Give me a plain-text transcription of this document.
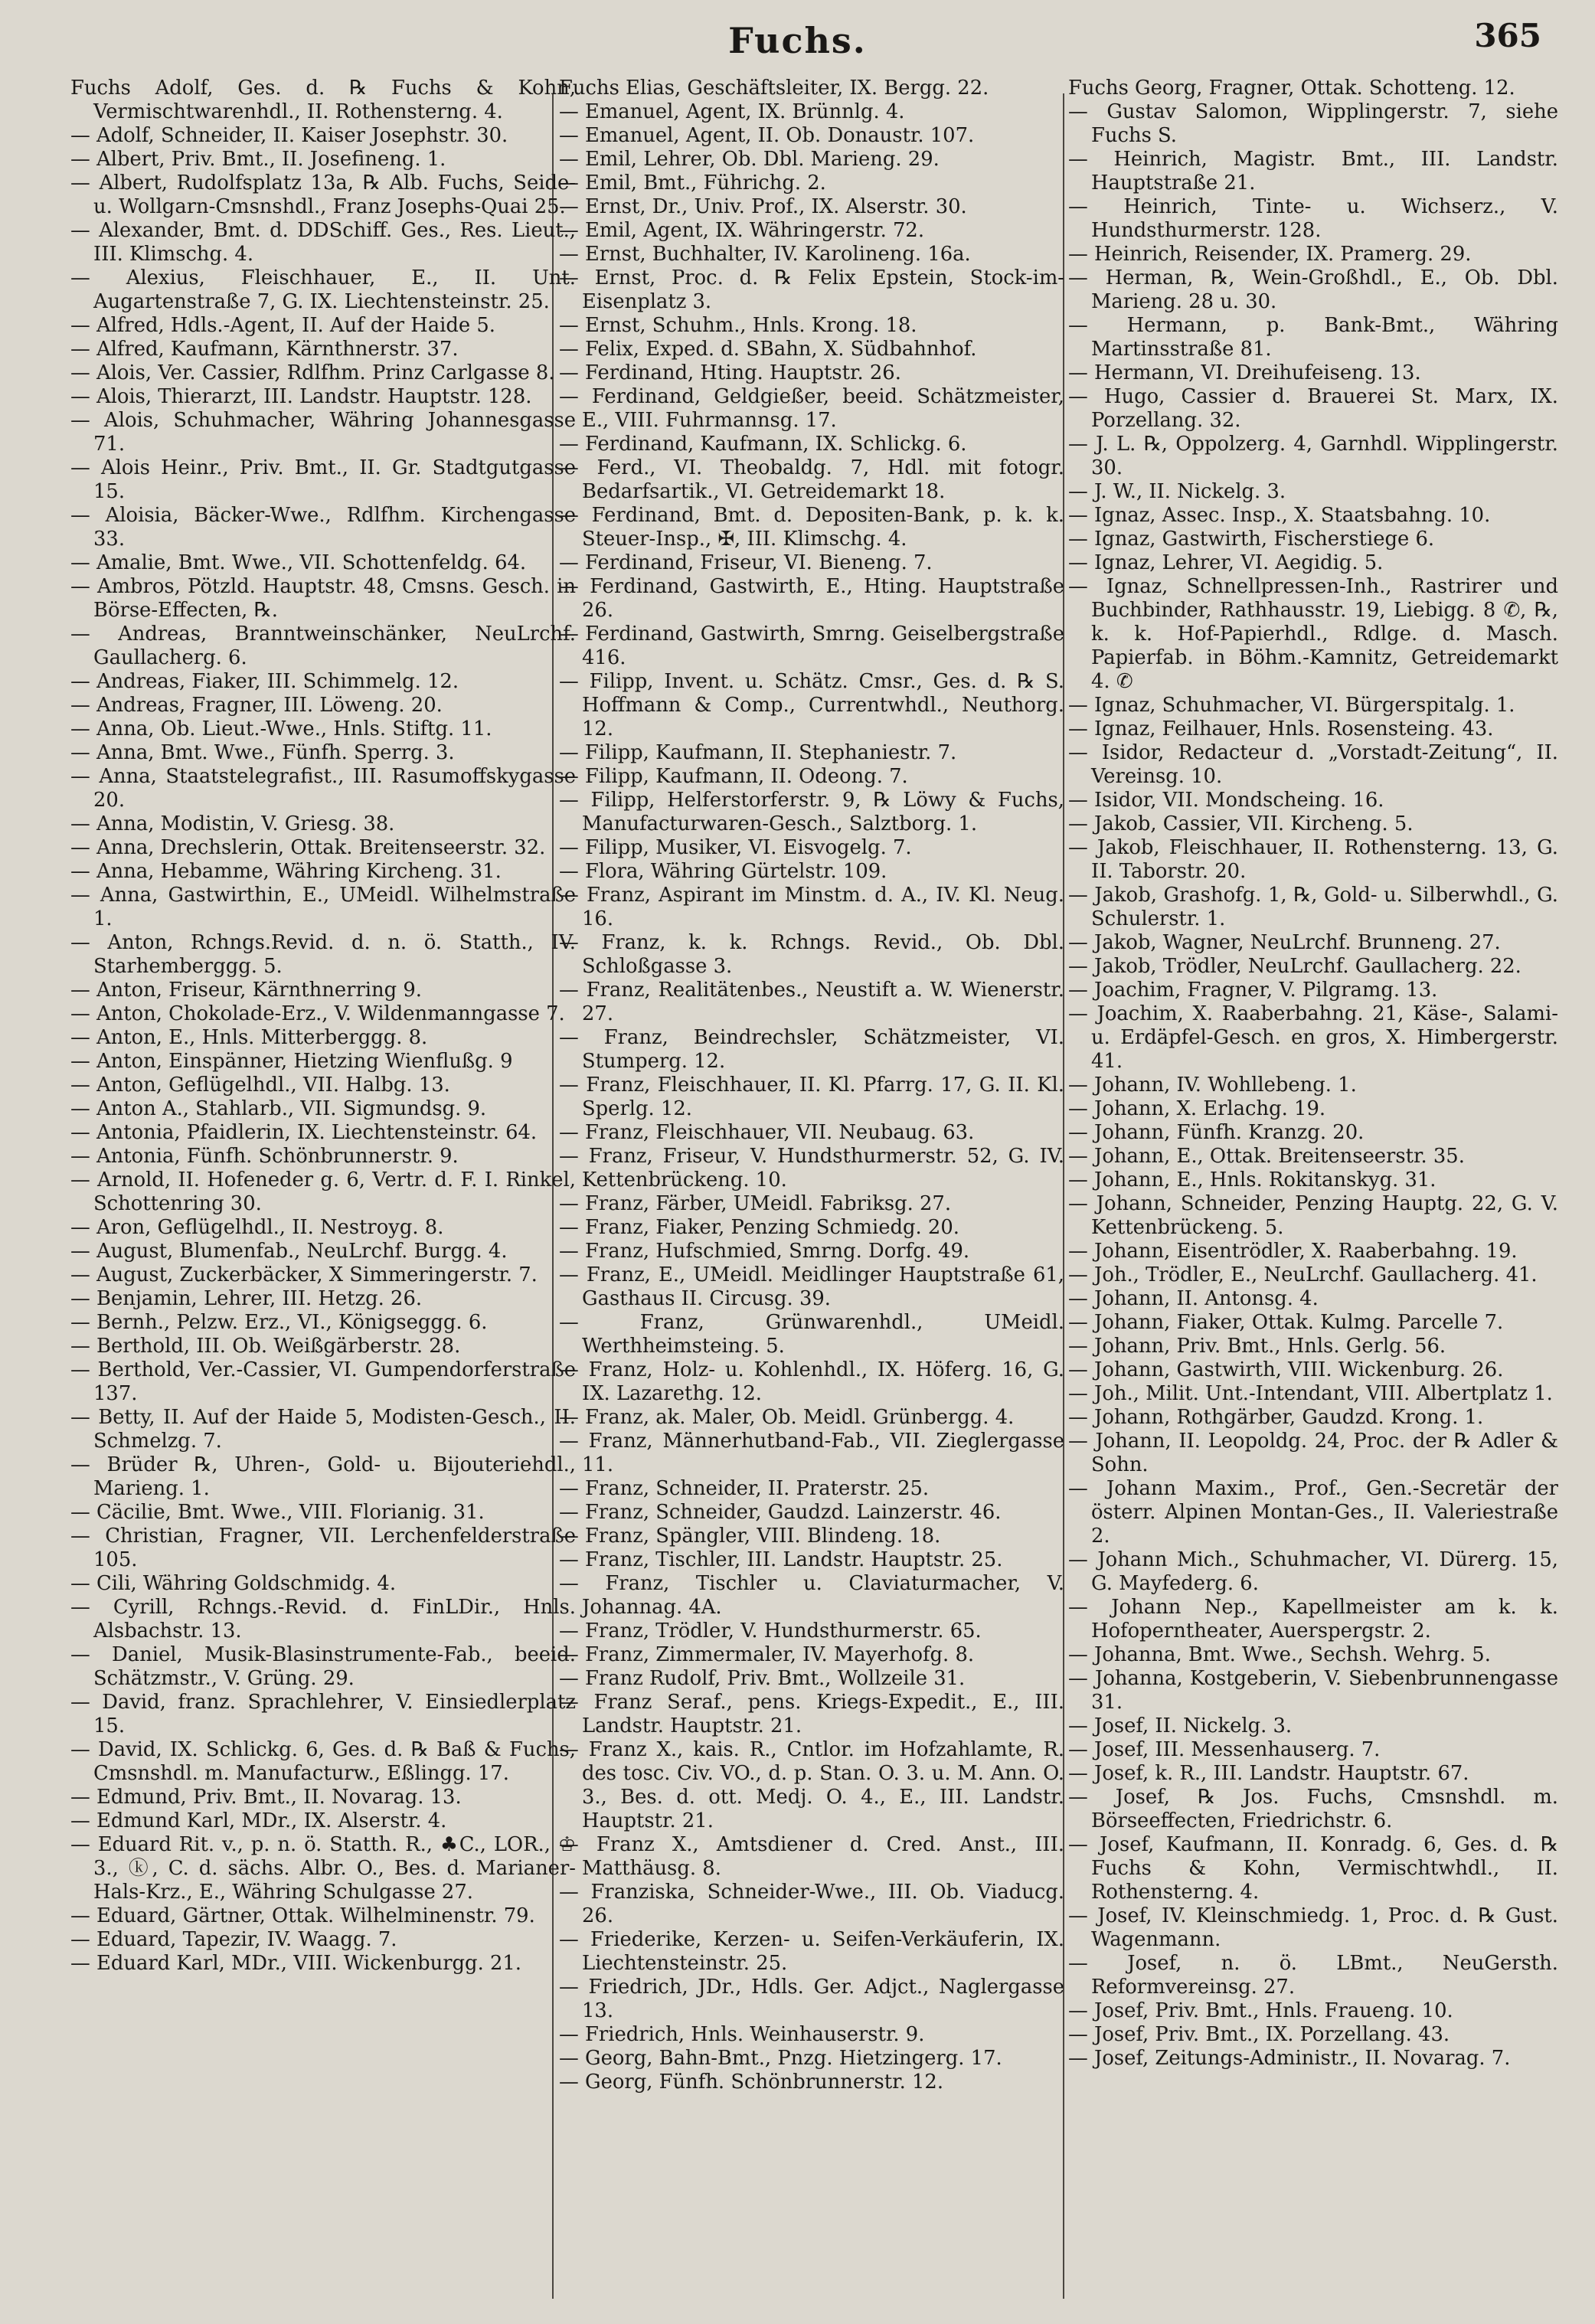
Fuchs.	365

Fuchs Adolf, Ges. d. ℞ Fuchs & Kohn, Vermischtwarenhdl., II. Rothensterng. 4.

— Adolf, Schneider, II. Kaiser Josephstr. 30.

— Albert, Priv. Bmt., II. Josefineng. 1.

— Albert, Rudolfsplatz 13a, ℞ Alb. Fuchs, Seide- u. Wollgarn-Cmsnshdl., Franz Josephs-Quai 25.

— Alexander, Bmt. d. DDSchiff. Ges., Res. Lieut., III. Klimschg. 4.

— Alexius, Fleischhauer, E., II. Unt. Augartenstraße 7, G. IX. Liechtensteinstr. 25.

— Alfred, Hdls.-Agent, II. Auf der Haide 5.

— Alfred, Kaufmann, Kärnthnerstr. 37.

— Alois, Ver. Cassier, Rdlfhm. Prinz Carlgasse 8.

— Alois, Thierarzt, III. Landstr. Hauptstr. 128.

— Alois, Schuhmacher, Währing Johannesgasse 71.

— Alois Heinr., Priv. Bmt., II. Gr. Stadtgutgasse 15.

— Aloisia, Bäcker-Wwe., Rdlfhm. Kirchengasse 33.

— Amalie, Bmt. Wwe., VII. Schottenfeldg. 64.

— Ambros, Pötzld. Hauptstr. 48, Cmsns. Gesch. in Börse-Effecten, ℞.

— Andreas, Branntweinschänker, NeuLrchf. Gaullacherg. 6.

— Andreas, Fiaker, III. Schimmelg. 12.

— Andreas, Fragner, III. Löweng. 20.

— Anna, Ob. Lieut.-Wwe., Hnls. Stiftg. 11.

— Anna, Bmt. Wwe., Fünfh. Sperrg. 3.

— Anna, Staatstelegrafist., III. Rasumoffskygasse 20.

— Anna, Modistin, V. Griesg. 38.

— Anna, Drechslerin, Ottak. Breitenseerstr. 32.

— Anna, Hebamme, Währing Kircheng. 31.

— Anna, Gastwirthin, E., UMeidl. Wilhelmstraße 1.

— Anton, Rchngs.Revid. d. n. ö. Statth., IV. Starhemberggg. 5.

— Anton, Friseur, Kärnthnerring 9.

— Anton, Chokolade-Erz., V. Wildenmanngasse 7.

— Anton, E., Hnls. Mitterberggg. 8.

— Anton, Einspänner, Hietzing Wienflußg. 9

— Anton, Geflügelhdl., VII. Halbg. 13.

— Anton A., Stahlarb., VII. Sigmundsg. 9.

— Antonia, Pfaidlerin, IX. Liechtensteinstr. 64.

— Antonia, Fünfh. Schönbrunnerstr. 9.

— Arnold, II. Hofeneder g. 6, Vertr. d. F. I. Rinkel, Schottenring 30.

— Aron, Geflügelhdl., II. Nestroyg. 8.

— August, Blumenfab., NeuLrchf. Burgg. 4.

— August, Zuckerbäcker, X Simmeringerstr. 7.

— Benjamin, Lehrer, III. Hetzg. 26.

— Bernh., Pelzw. Erz., VI., Königseggg. 6.

— Berthold, III. Ob. Weißgärberstr. 28.

— Berthold, Ver.-Cassier, VI. Gumpendorferstraße 137.

— Betty, II. Auf der Haide 5, Modisten-Gesch., II. Schmelzg. 7.

— Brüder ℞, Uhren-, Gold- u. Bijouteriehdl., Marieng. 1.

— Cäcilie, Bmt. Wwe., VIII. Florianig. 31.

— Christian, Fragner, VII. Lerchenfelderstraße 105.

— Cili, Währing Goldschmidg. 4.

— Cyrill, Rchngs.-Revid. d. FinLDir., Hnls. Alsbachstr. 13.

— Daniel, Musik-Blasinstrumente-Fab., beeid. Schätzmstr., V. Grüng. 29.

— David, franz. Sprachlehrer, V. Einsiedlerplatz 15.

— David, IX. Schlickg. 6, Ges. d. ℞ Baß & Fuchs, Cmsnshdl. m. Manufacturw., Eßlingg. 17.

— Edmund, Priv. Bmt., II. Novarag. 13.

— Edmund Karl, MDr., IX. Alserstr. 4.

— Eduard Rit. v., p. n. ö. Statth. R., ♣C., LOR., ♔ 3., ⓚ, C. d. sächs. Albr. O., Bes. d. Marianer-Hals-Krz., E., Währing Schulgasse 27.

— Eduard, Gärtner, Ottak. Wilhelminenstr. 79.

— Eduard, Tapezir, IV. Waagg. 7.

— Eduard Karl, MDr., VIII. Wickenburgg. 21.

Fuchs Elias, Geschäftsleiter, IX. Bergg. 22.

— Emanuel, Agent, IX. Brünnlg. 4.

— Emanuel, Agent, II. Ob. Donaustr. 107.

— Emil, Lehrer, Ob. Dbl. Marieng. 29.

— Emil, Bmt., Führichg. 2.

— Ernst, Dr., Univ. Prof., IX. Alserstr. 30.

— Emil, Agent, IX. Währingerstr. 72.

— Ernst, Buchhalter, IV. Karolineng. 16a.

— Ernst, Proc. d. ℞ Felix Epstein, Stock-im-Eisenplatz 3.

— Ernst, Schuhm., Hnls. Krong. 18.

— Felix, Exped. d. SBahn, X. Südbahnhof.

— Ferdinand, Hting. Hauptstr. 26.

— Ferdinand, Geldgießer, beeid. Schätzmeister, E., VIII. Fuhrmannsg. 17.

— Ferdinand, Kaufmann, IX. Schlickg. 6.

— Ferd., VI. Theobaldg. 7, Hdl. mit fotogr. Bedarfsartik., VI. Getreidemarkt 18.

— Ferdinand, Bmt. d. Depositen-Bank, p. k. k. Steuer-Insp., ✠, III. Klimschg. 4.

— Ferdinand, Friseur, VI. Bieneng. 7.

— Ferdinand, Gastwirth, E., Hting. Hauptstraße 26.

— Ferdinand, Gastwirth, Smrng. Geiselbergstraße 416.

— Filipp, Invent. u. Schätz. Cmsr., Ges. d. ℞ S. Hoffmann & Comp., Currentwhdl., Neuthorg. 12.

— Filipp, Kaufmann, II. Stephaniestr. 7.

— Filipp, Kaufmann, II. Odeong. 7.

— Filipp, Helferstorferstr. 9, ℞ Löwy & Fuchs, Manufacturwaren-Gesch., Salztborg. 1.

— Filipp, Musiker, VI. Eisvogelg. 7.

— Flora, Währing Gürtelstr. 109.

— Franz, Aspirant im Minstm. d. A., IV. Kl. Neug. 16.

— Franz, k. k. Rchngs. Revid., Ob. Dbl. Schloßgasse 3.

— Franz, Realitätenbes., Neustift a. W. Wienerstr. 27.

— Franz, Beindrechsler, Schätzmeister, VI. Stumperg. 12.

— Franz, Fleischhauer, II. Kl. Pfarrg. 17, G. II. Kl. Sperlg. 12.

— Franz, Fleischhauer, VII. Neubaug. 63.

— Franz, Friseur, V. Hundsthurmerstr. 52, G. IV. Kettenbrückeng. 10.

— Franz, Färber, UMeidl. Fabriksg. 27.

— Franz, Fiaker, Penzing Schmiedg. 20.

— Franz, Hufschmied, Smrng. Dorfg. 49.

— Franz, E., UMeidl. Meidlinger Hauptstraße 61, Gasthaus II. Circusg. 39.

— Franz, Grünwarenhdl., UMeidl. Werthheimsteing. 5.

— Franz, Holz- u. Kohlenhdl., IX. Höferg. 16, G. IX. Lazarethg. 12.

— Franz, ak. Maler, Ob. Meidl. Grünbergg. 4.

— Franz, Männerhutband-Fab., VII. Zieglergasse 11.

— Franz, Schneider, II. Praterstr. 25.

— Franz, Schneider, Gaudzd. Lainzerstr. 46.

— Franz, Spängler, VIII. Blindeng. 18.

— Franz, Tischler, III. Landstr. Hauptstr. 25.

— Franz, Tischler u. Claviaturmacher, V. Johannag. 4A.

— Franz, Trödler, V. Hundsthurmerstr. 65.

— Franz, Zimmermaler, IV. Mayerhofg. 8.

— Franz Rudolf, Priv. Bmt., Wollzeile 31.

— Franz Seraf., pens. Kriegs-Expedit., E., III. Landstr. Hauptstr. 21.

— Franz X., kais. R., Cntlor. im Hofzahlamte, R. des tosc. Civ. VO., d. p. Stan. O. 3. u. M. Ann. O. 3., Bes. d. ott. Medj. O. 4., E., III. Landstr. Hauptstr. 21.

— Franz X., Amtsdiener d. Cred. Anst., III. Matthäusg. 8.

— Franziska, Schneider-Wwe., III. Ob. Viaducg. 26.

— Friederike, Kerzen- u. Seifen-Verkäuferin, IX. Liechtensteinstr. 25.

— Friedrich, JDr., Hdls. Ger. Adjct., Naglergasse 13.

— Friedrich, Hnls. Weinhauserstr. 9.

— Georg, Bahn-Bmt., Pnzg. Hietzingerg. 17.

— Georg, Fünfh. Schönbrunnerstr. 12.

Fuchs Georg, Fragner, Ottak. Schotteng. 12.

— Gustav Salomon, Wipplingerstr. 7, siehe Fuchs S.

— Heinrich, Magistr. Bmt., III. Landstr. Hauptstraße 21.

— Heinrich, Tinte- u. Wichserz., V. Hundsthurmerstr. 128.

— Heinrich, Reisender, IX. Pramerg. 29.

— Herman, ℞, Wein-Großhdl., E., Ob. Dbl. Marieng. 28 u. 30.

— Hermann, p. Bank-Bmt., Währing Martinsstraße 81.

— Hermann, VI. Dreihufeiseng. 13.

— Hugo, Cassier d. Brauerei St. Marx, IX. Porzellang. 32.

— J. L. ℞, Oppolzerg. 4, Garnhdl. Wipplingerstr. 30.

— J. W., II. Nickelg. 3.

— Ignaz, Assec. Insp., X. Staatsbahng. 10.

— Ignaz, Gastwirth, Fischerstiege 6.

— Ignaz, Lehrer, VI. Aegidig. 5.

— Ignaz, Schnellpressen-Inh., Rastrirer und Buchbinder, Rathhausstr. 19, Liebigg. 8 ✆, ℞, k. k. Hof-Papierhdl., Rdlge. d. Masch. Papierfab. in Böhm.-Kamnitz, Getreidemarkt 4. ✆

— Ignaz, Schuhmacher, VI. Bürgerspitalg. 1.

— Ignaz, Feilhauer, Hnls. Rosensteing. 43.

— Isidor, Redacteur d. „Vorstadt-Zeitung“, II. Vereinsg. 10.

— Isidor, VII. Mondscheing. 16.

— Jakob, Cassier, VII. Kircheng. 5.

— Jakob, Fleischhauer, II. Rothensterng. 13, G. II. Taborstr. 20.

— Jakob, Grashofg. 1, ℞, Gold- u. Silberwhdl., G. Schulerstr. 1.

— Jakob, Wagner, NeuLrchf. Brunneng. 27.

— Jakob, Trödler, NeuLrchf. Gaullacherg. 22.

— Joachim, Fragner, V. Pilgramg. 13.

— Joachim, X. Raaberbahng. 21, Käse-, Salami- u. Erdäpfel-Gesch. en gros, X. Himbergerstr. 41.

— Johann, IV. Wohllebeng. 1.

— Johann, X. Erlachg. 19.

— Johann, Fünfh. Kranzg. 20.

— Johann, E., Ottak. Breitenseerstr. 35.

— Johann, E., Hnls. Rokitanskyg. 31.

— Johann, Schneider, Penzing Hauptg. 22, G. V. Kettenbrückeng. 5.

— Johann, Eisentrödler, X. Raaberbahng. 19.

— Joh., Trödler, E., NeuLrchf. Gaullacherg. 41.

— Johann, II. Antonsg. 4.

— Johann, Fiaker, Ottak. Kulmg. Parcelle 7.

— Johann, Priv. Bmt., Hnls. Gerlg. 56.

— Johann, Gastwirth, VIII. Wickenburg. 26.

— Joh., Milit. Unt.-Intendant, VIII. Albertplatz 1.

— Johann, Rothgärber, Gaudzd. Krong. 1.

— Johann, II. Leopoldg. 24, Proc. der ℞ Adler & Sohn.

— Johann Maxim., Prof., Gen.-Secretär der österr. Alpinen Montan-Ges., II. Valeriestraße 2.

— Johann Mich., Schuhmacher, VI. Dürerg. 15, G. Mayfederg. 6.

— Johann Nep., Kapellmeister am k. k. Hofoperntheater, Auerspergstr. 2.

— Johanna, Bmt. Wwe., Sechsh. Wehrg. 5.

— Johanna, Kostgeberin, V. Siebenbrunnengasse 31.

— Josef, II. Nickelg. 3.

— Josef, III. Messenhauserg. 7.

— Josef, k. R., III. Landstr. Hauptstr. 67.

— Josef, ℞ Jos. Fuchs, Cmsnshdl. m. Börseeffecten, Friedrichstr. 6.

— Josef, Kaufmann, II. Konradg. 6, Ges. d. ℞ Fuchs & Kohn, Vermischtwhdl., II. Rothensterng. 4.

— Josef, IV. Kleinschmiedg. 1, Proc. d. ℞ Gust. Wagenmann.

— Josef, n. ö. LBmt., NeuGersth. Reformvereinsg. 27.

— Josef, Priv. Bmt., Hnls. Fraueng. 10.

— Josef, Priv. Bmt., IX. Porzellang. 43.

— Josef, Zeitungs-Administr., II. Novarag. 7.
